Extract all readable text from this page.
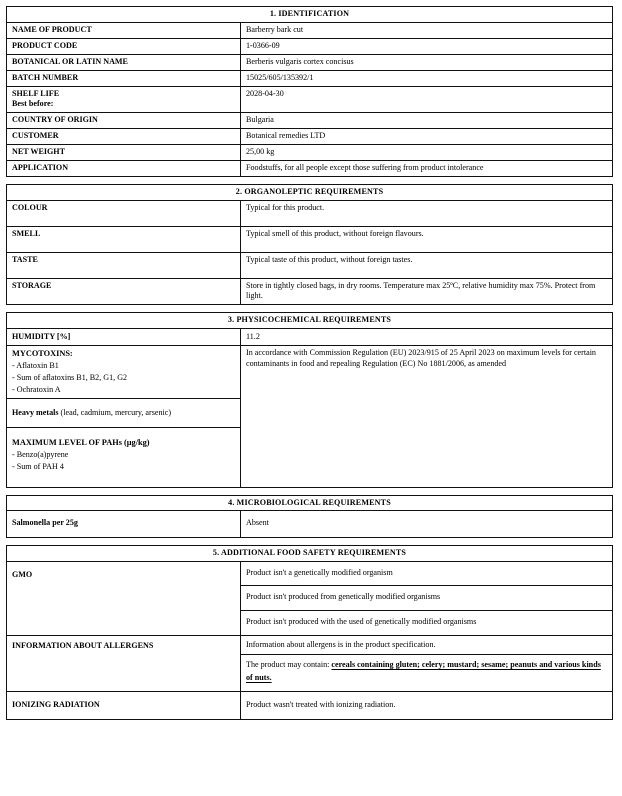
1. IDENTIFICATION	
NAME OF PRODUCT	Barberry bark cut
PRODUCT CODE	1-0366-09
BOTANICAL OR LATIN NAME	Berberis vulgaris cortex concisus
BATCH NUMBER	15025/605/135392/1
SHELF LIFE
Best before:	2028-04-30
COUNTRY OF ORIGIN	Bulgaria
CUSTOMER	Botanical remedies LTD
NET WEIGHT	25,00 kg
APPLICATION	Foodstuffs, for all people except those suffering from product intolerance
2. ORGANOLEPTIC REQUIREMENTS	
COLOUR	Typical for this product.
SMELL	Typical smell of this product, without foreign flavours.
TASTE	Typical taste of this product, without foreign tastes.
STORAGE	Store in tightly closed bags, in dry rooms. Temperature max 25ºC, relative humidity max 75%. Protect from light.
3. PHYSICOCHEMICAL REQUIREMENTS	
HUMIDITY [%]	11.2

MYCOTOXINS:
- Aflatoxin B1
- Sum of aflatoxins B1, B2, G1, G2
- Ochratoxin A	In accordance with Commission Regulation (EU) 2023/915 of 25 April 2023 on maximum levels for certain contaminants in food and repealing Regulation (EC) No 1881/2006, as amended
Heavy metals (lead, cadmium, mercury, arsenic)	

MAXIMUM LEVEL OF PAHs (µg/kg)
- Benzo(a)pyrene
- Sum of PAH 4	
4. MICROBIOLOGICAL REQUIREMENTS
Salmonella per 25g	Absent
5. ADDITIONAL FOOD SAFETY REQUIREMENTS	
GMO	Product isn't a genetically modified organism
	Product isn't produced from genetically modified organisms
	Product isn't produced with the used of genetically modified organisms
INFORMATION ABOUT ALLERGENS	Information about allergens is in the product specification.
	The product may contain: cereals containing gluten; celery; mustard; sesame; peanuts and various kinds of nuts.
IONIZING RADIATION	Product wasn't treated with ionizing radiation.
